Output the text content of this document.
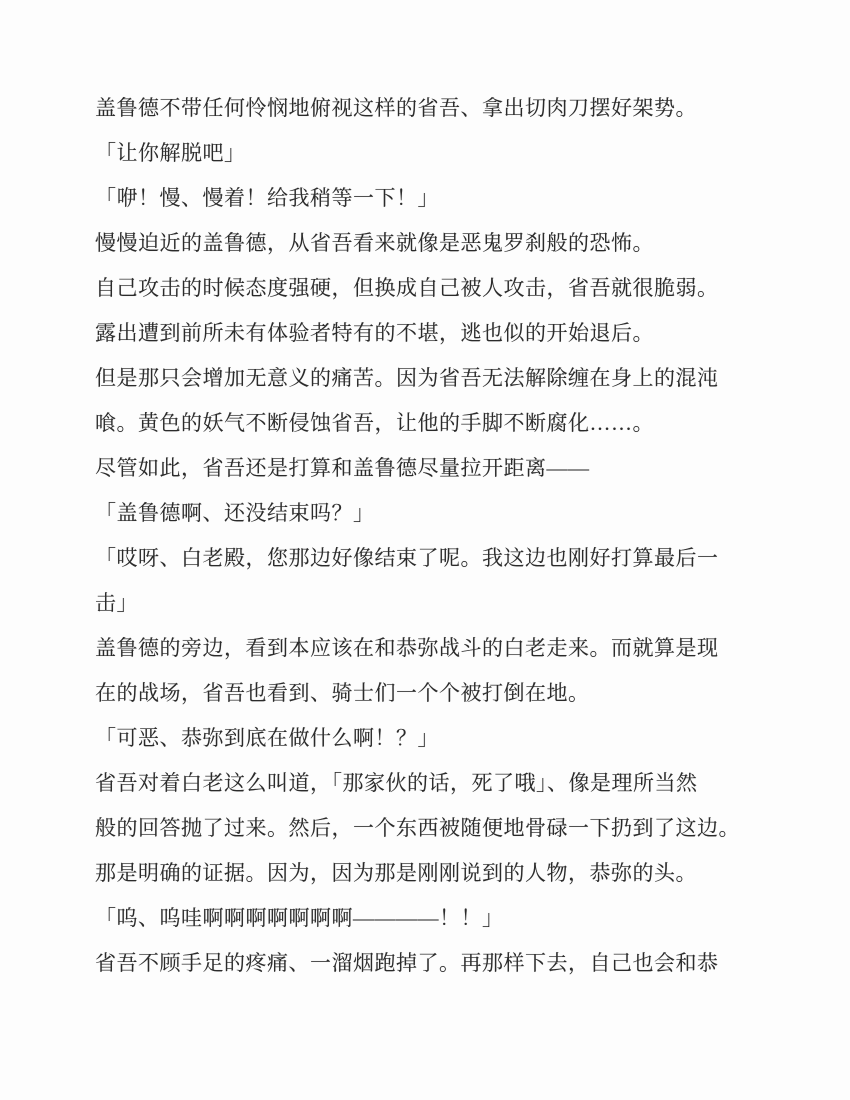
盖鲁德不带任何怜悯地俯视这样的省吾、拿出切肉刀摆好架势。
「让你解脱吧」
「咿！慢、慢着！给我稍等一下！」
慢慢迫近的盖鲁德，从省吾看来就像是恶鬼罗刹般的恐怖。
自己攻击的时候态度强硬，但换成自己被人攻击，省吾就很脆弱。
露出遭到前所未有体验者特有的不堪，逃也似的开始退后。
但是那只会增加无意义的痛苦。因为省吾无法解除缠在身上的混沌
喰。黄色的妖气不断侵蚀省吾，让他的手脚不断腐化……。
尽管如此，省吾还是打算和盖鲁德尽量拉开距离——
「盖鲁德啊、还没结束吗？」
「哎呀、白老殿，您那边好像结束了呢。我这边也刚好打算最后一
击」
盖鲁德的旁边，看到本应该在和恭弥战斗的白老走来。而就算是现
在的战场，省吾也看到、骑士们一个个被打倒在地。
「可恶、恭弥到底在做什么啊！？」
省吾对着白老这么叫道，「那家伙的话，死了哦」、像是理所当然
般的回答抛了过来。然后，一个东西被随便地骨碌一下扔到了这边。
那是明确的证据。因为，因为那是刚刚说到的人物，恭弥的头。
「呜、呜哇啊啊啊啊啊啊啊————！！」
省吾不顾手足的疼痛、一溜烟跑掉了。再那样下去，自己也会和恭
